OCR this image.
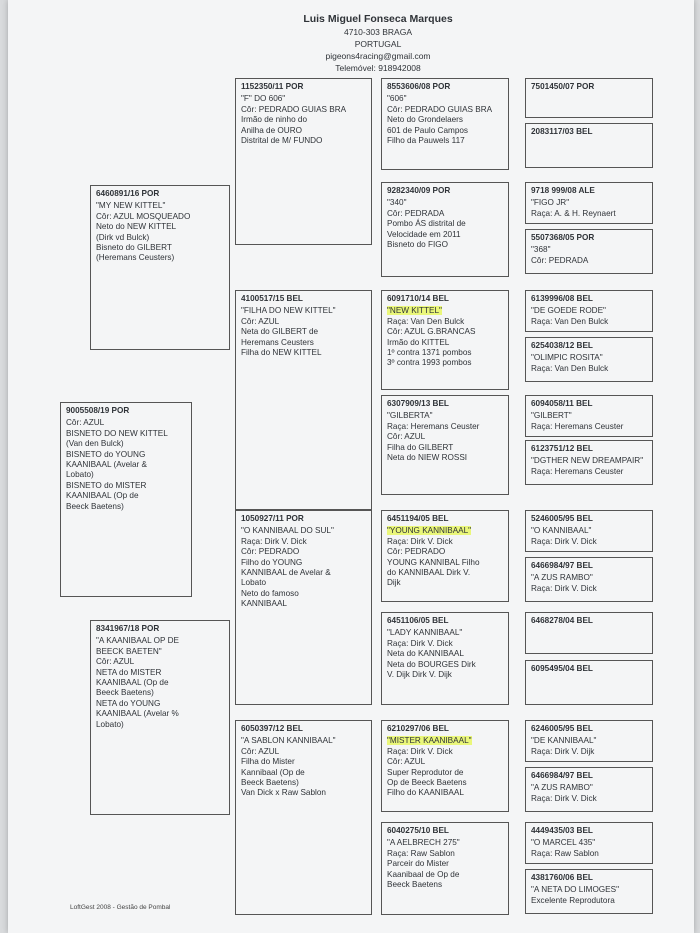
Luis Miguel Fonseca Marques
4710-303 BRAGA
PORTUGAL
pigeons4racing@gmail.com
Telemóvel: 918942008
9005508/19 POR
Côr: AZUL
BISNETO DO NEW KITTEL
(Van den Bulck)
BISNETO do YOUNG
KAANIBAAL (Avelar &
Lobato)
BISNETO do MISTER
KAANIBAAL (Op de
Beeck Baetens)
6460891/16 POR
"MY NEW KITTEL"
Côr: AZUL MOSQUEADO
Neto do NEW KITTEL
(Dirk vd Bulck)
Bisneto do GILBERT
(Heremans Ceusters)
8341967/18 POR
"A KAANIBAAL OP DE
BEECK BAETEN"
Côr: AZUL
NETA do MISTER
KAANIBAAL (Op de
Beeck Baetens)
NETA do YOUNG
KAANIBAAL (Avelar %
Lobato)
1152350/11 POR
"F" DO 606"
Côr: PEDRADO GUIAS BRA
Irmão de ninho do
Anilha de OURO
Distrital de M/ FUNDO
4100517/15 BEL
"FILHA DO NEW KITTEL"
Côr: AZUL
Neta do GILBERT de
Heremans Ceusters
Filha do NEW KITTEL
1050927/11 POR
"O KANNIBAAL DO SUL"
Raça: Dirk V. Dick
Côr: PEDRADO
Filho do YOUNG
KANNIBAAL de Avelar &
Lobato
Neto do famoso
KANNIBAAL
6050397/12 BEL
"A SABLON KANNIBAAL"
Côr: AZUL
Filha do Mister
Kannibaal (Op de
Beeck Baetens)
Van Dick x Raw Sablon
8553606/08 POR
"606"
Côr: PEDRADO GUIAS BRA
Neto do Grondelaers
601 de Paulo Campos
Filho da Pauwels 117
9282340/09 POR
"340"
Côr: PEDRADA
Pombo ÁS distrital de
Velocidade em 2011
Bisneto do FIGO
6091710/14 BEL
"NEW KITTEL"
Raça: Van Den Bulck
Côr: AZUL G.BRANCAS
Irmão do KITTEL
1º contra 1371 pombos
3º contra 1993 pombos
6307909/13 BEL
"GILBERTA"
Raça: Heremans Ceuster
Côr: AZUL
Filha do GILBERT
Neta do NIEW ROSSI
6451194/05 BEL
"YOUNG KANNIBAAL"
Raça: Dirk V. Dick
Côr: PEDRADO
YOUNG KANNIBAL Filho
do KANNIBAAL Dirk V.
Dijk
6451106/05 BEL
"LADY KANNIBAAL"
Raça: Dirk V. Dick
Neta do KANNIBAAL
Neta do BOURGES Dirk
V. Dijk Dirk V. Dijk
6210297/06 BEL
"MISTER KAANIBAAL"
Raça: Dirk V. Dick
Côr: AZUL
Super Reprodutor de
Op de Beeck Baetens
Filho do KAANIBAAL
6040275/10 BEL
"A AELBRECH 275"
Raça: Raw Sablon
Parceir do Mister
Kaanibaal de Op de
Beeck Baetens
7501450/07 POR
2083117/03 BEL
9718 999/08 ALE
"FIGO JR"
Raça: A. & H. Reynaert
5507368/05 POR
"368"
Côr: PEDRADA
6139996/08 BEL
"DE GOEDE RODE"
Raça: Van Den Bulck
6254038/12 BEL
"OLIMPIC ROSITA"
Raça: Van Den Bulck
6094058/11 BEL
"GILBERT"
Raça: Heremans Ceuster
6123751/12 BEL
"DGTHER NEW DREAMPAIR"
Raça: Heremans Ceuster
5246005/95 BEL
"O KANNIBAAL"
Raça: Dirk V. Dick
6466984/97 BEL
"A ZUS RAMBO"
Raça: Dirk V. Dick
6468278/04 BEL
6095495/04 BEL
6246005/95 BEL
"DE KANNIBAAL"
Raça: Dirk V. Dijk
6466984/97 BEL
"A ZUS RAMBO"
Raça: Dirk V. Dick
4449435/03 BEL
"O MARCEL 435"
Raça: Raw Sablon
4381760/06 BEL
"A NETA DO LIMOGES"
Excelente Reprodutora
LoftGest 2008 - Gestão de Pombal
